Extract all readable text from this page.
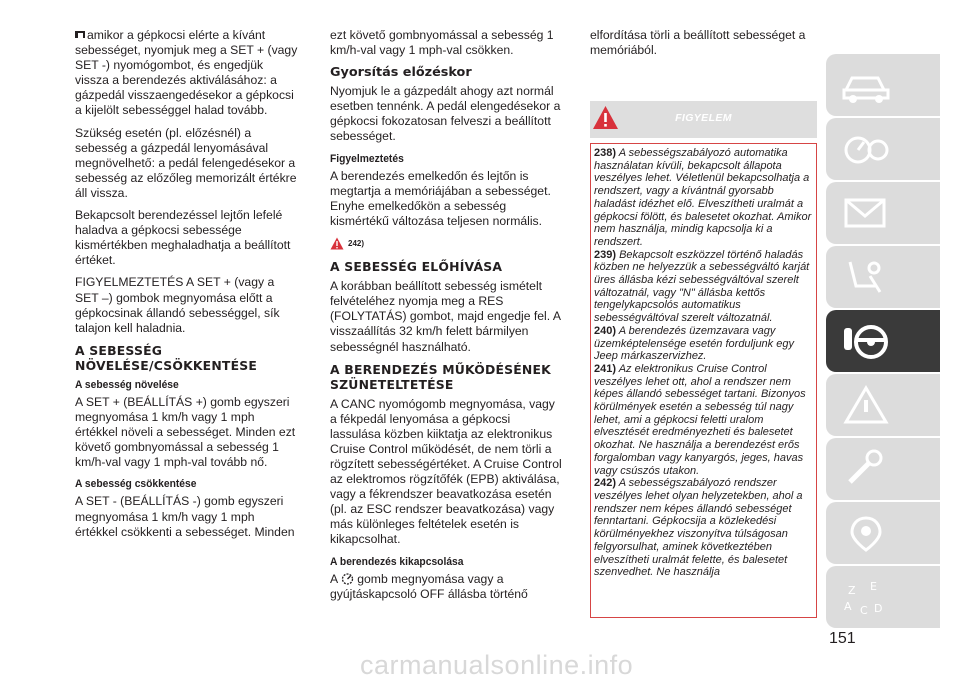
amikor a gépkocsi elérte a kívánt sebességet, nyomjuk meg a SET + (vagy SET -) nyomógombot, és engedjük vissza a berendezés aktiválásához: a gázpedál visszaengedésekor a gépkocsi a kijelölt sebességgel halad tovább.

Szükség esetén (pl. előzésnél) a sebesség a gázpedál lenyomásával megnövelhető: a pedál felengedésekor a sebesség az előzőleg memorizált értékre áll vissza.

Bekapcsolt berendezéssel lejtőn lefelé haladva a gépkocsi sebessége kismértékben meghaladhatja a beállított értéket.

FIGYELMEZTETÉS A SET + (vagy a SET –) gombok megnyomása előtt a gépkocsinak állandó sebességgel, sík talajon kell haladnia.

A SEBESSÉG NÖVELÉSE/CSÖKKENTÉSE
A sebesség növelése

A SET + (BEÁLLÍTÁS +) gomb egyszeri megnyomása 1 km/h vagy 1 mph értékkel növeli a sebességet. Minden ezt követő gombnyomással a sebesség 1 km/h-val vagy 1 mph-val tovább nő.

A sebesség csökkentése

A SET - (BEÁLLÍTÁS -) gomb egyszeri megnyomása 1 km/h vagy 1 mph értékkel csökkenti a sebességet. Minden

ezt követő gombnyomással a sebesség 1 km/h-val vagy 1 mph-val csökken.

Gyorsítás előzéskor

Nyomjuk le a gázpedált ahogy azt normál esetben tennénk. A pedál elengedésekor a gépkocsi fokozatosan felveszi a beállított sebességet.

Figyelmeztetés

A berendezés emelkedőn és lejtőn is megtartja a memóriájában a sebességet. Enyhe emelkedőkön a sebesség kismértékű változása teljesen normális.

242)
A SEBESSÉG ELŐHÍVÁSA

A korábban beállított sebesség ismételt felvételéhez nyomja meg a RES (FOLYTATÁS) gombot, majd engedje fel. A visszaállítás 32 km/h felett bármilyen sebességnél használható.

A BERENDEZÉS MŰKÖDÉSÉNEK SZÜNETELTETÉSE

A CANC nyomógomb megnyomása, vagy a fékpedál lenyomása a gépkocsi lassulása közben kiiktatja az elektronikus Cruise Control működését, de nem törli a rögzített sebességértéket. A Cruise Control az elektromos rögzítőfék (EPB) aktiválása, vagy a fékrendszer beavatkozása esetén (pl. az ESC rendszer beavatkozása) vagy más különleges feltételek esetén is kikapcsolhat.

A berendezés kikapcsolása

A gomb megnyomása vagy a gyújtáskapcsoló OFF állásba történő

elfordítása törli a beállított sebességet a memóriából.

FIGYELEM

238) A sebességszabályozó automatika használatan kívüli, bekapcsolt állapota veszélyes lehet. Véletlenül bekapcsolhatja a rendszert, vagy a kívántnál gyorsabb haladást idézhet elő. Elveszítheti uralmát a gépkocsi fölött, és balesetet okozhat. Amikor nem használja, mindig kapcsolja ki a rendszert.

239) Bekapcsolt eszközzel történő haladás közben ne helyezzük a sebességváltó karját üres állásba kézi sebességváltóval szerelt változatnál, vagy "N" állásba kettős tengelykapcsolós automatikus sebességváltóval szerelt változatnál.

240) A berendezés üzemzavara vagy üzemképtelensége esetén forduljunk egy Jeep márkaszervizhez.

241) Az elektronikus Cruise Control veszélyes lehet ott, ahol a rendszer nem képes állandó sebességet tartani. Bizonyos körülmények esetén a sebesség túl nagy lehet, ami a gépkocsi feletti uralom elvesztését eredményezheti és balesetet okozhat. Ne használja a berendezést erős forgalomban vagy kanyargós, jeges, havas vagy csúszós utakon.

242) A sebességszabályozó rendszer veszélyes lehet olyan helyzetekben, ahol a rendszer nem képes állandó sebességet fenntartani. Gépkocsija a közlekedési körülményekhez viszonyítva túlságosan felgyorsulhat, aminek következtében elveszítheti uralmát felette, és balesetet szenvedhet. Ne használja

151
Z E
A D
C
carmanualsonline.info
